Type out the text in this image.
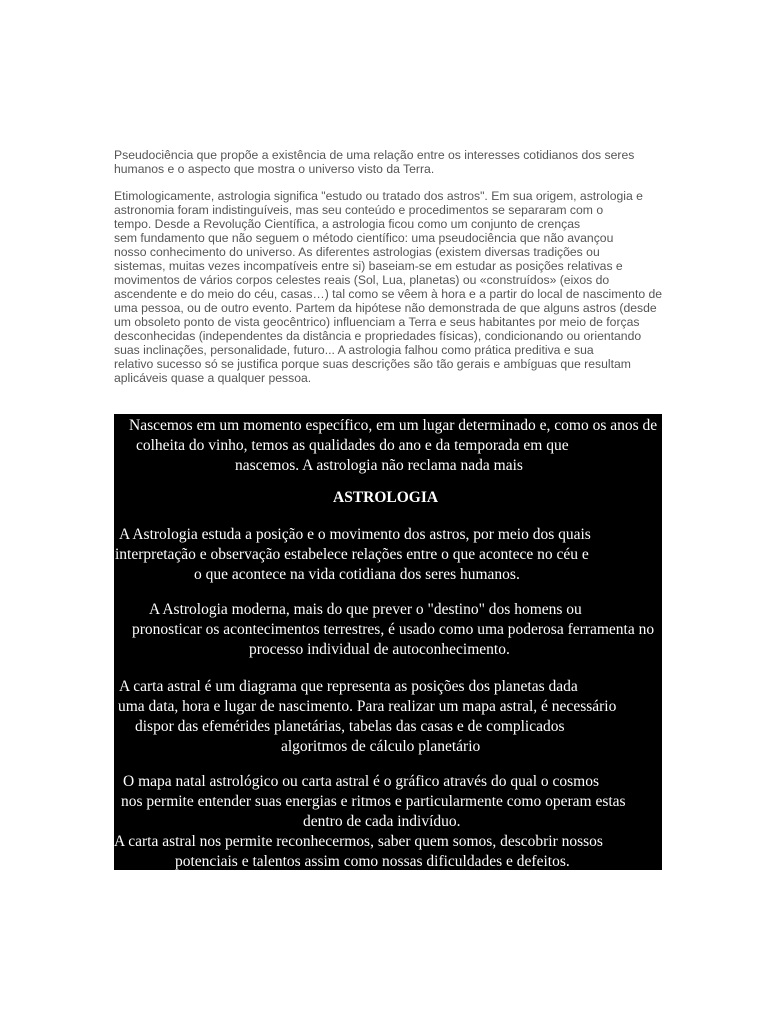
Pseudociência que propõe a existência de uma relação entre os interesses cotidianos dos seres
humanos e o aspecto que mostra o universo visto da Terra.
Etimologicamente, astrologia significa "estudo ou tratado dos astros". Em sua origem, astrologia e
astronomia foram indistinguíveis, mas seu conteúdo e procedimentos se separaram com o
tempo. Desde a Revolução Científica, a astrologia ficou como um conjunto de crenças
sem fundamento que não seguem o método científico: uma pseudociência que não avançou
nosso conhecimento do universo. As diferentes astrologias (existem diversas tradições ou
sistemas, muitas vezes incompatíveis entre si) baseiam-se em estudar as posições relativas e
movimentos de vários corpos celestes reais (Sol, Lua, planetas) ou «construídos» (eixos do
ascendente e do meio do céu, casas…) tal como se vêem à hora e a partir do local de nascimento de
uma pessoa, ou de outro evento. Partem da hipótese não demonstrada de que alguns astros (desde
um obsoleto ponto de vista geocêntrico) influenciam a Terra e seus habitantes por meio de forças
desconhecidas (independentes da distância e propriedades físicas), condicionando ou orientando
suas inclinações, personalidade, futuro... A astrologia falhou como prática preditiva e sua
relativo sucesso só se justifica porque suas descrições são tão gerais e ambíguas que resultam
aplicáveis quase a qualquer pessoa.
Nascemos em um momento específico, em um lugar determinado e, como os anos de
colheita do vinho, temos as qualidades do ano e da temporada em que
nascemos. A astrologia não reclama nada mais
ASTROLOGIA
A Astrologia estuda a posição e o movimento dos astros, por meio dos quais
interpretação e observação estabelece relações entre o que acontece no céu e
o que acontece na vida cotidiana dos seres humanos.
A Astrologia moderna, mais do que prever o "destino" dos homens ou
pronosticar os acontecimentos terrestres, é usado como uma poderosa ferramenta no
processo individual de autoconhecimento.
A carta astral é um diagrama que representa as posições dos planetas dada
uma data, hora e lugar de nascimento. Para realizar um mapa astral, é necessário
dispor das efemérides planetárias, tabelas das casas e de complicados
algoritmos de cálculo planetário
O mapa natal astrológico ou carta astral é o gráfico através do qual o cosmos
nos permite entender suas energias e ritmos e particularmente como operam estas
dentro de cada indivíduo.
A carta astral nos permite reconhecermos, saber quem somos, descobrir nossos
potenciais e talentos assim como nossas dificuldades e defeitos.
